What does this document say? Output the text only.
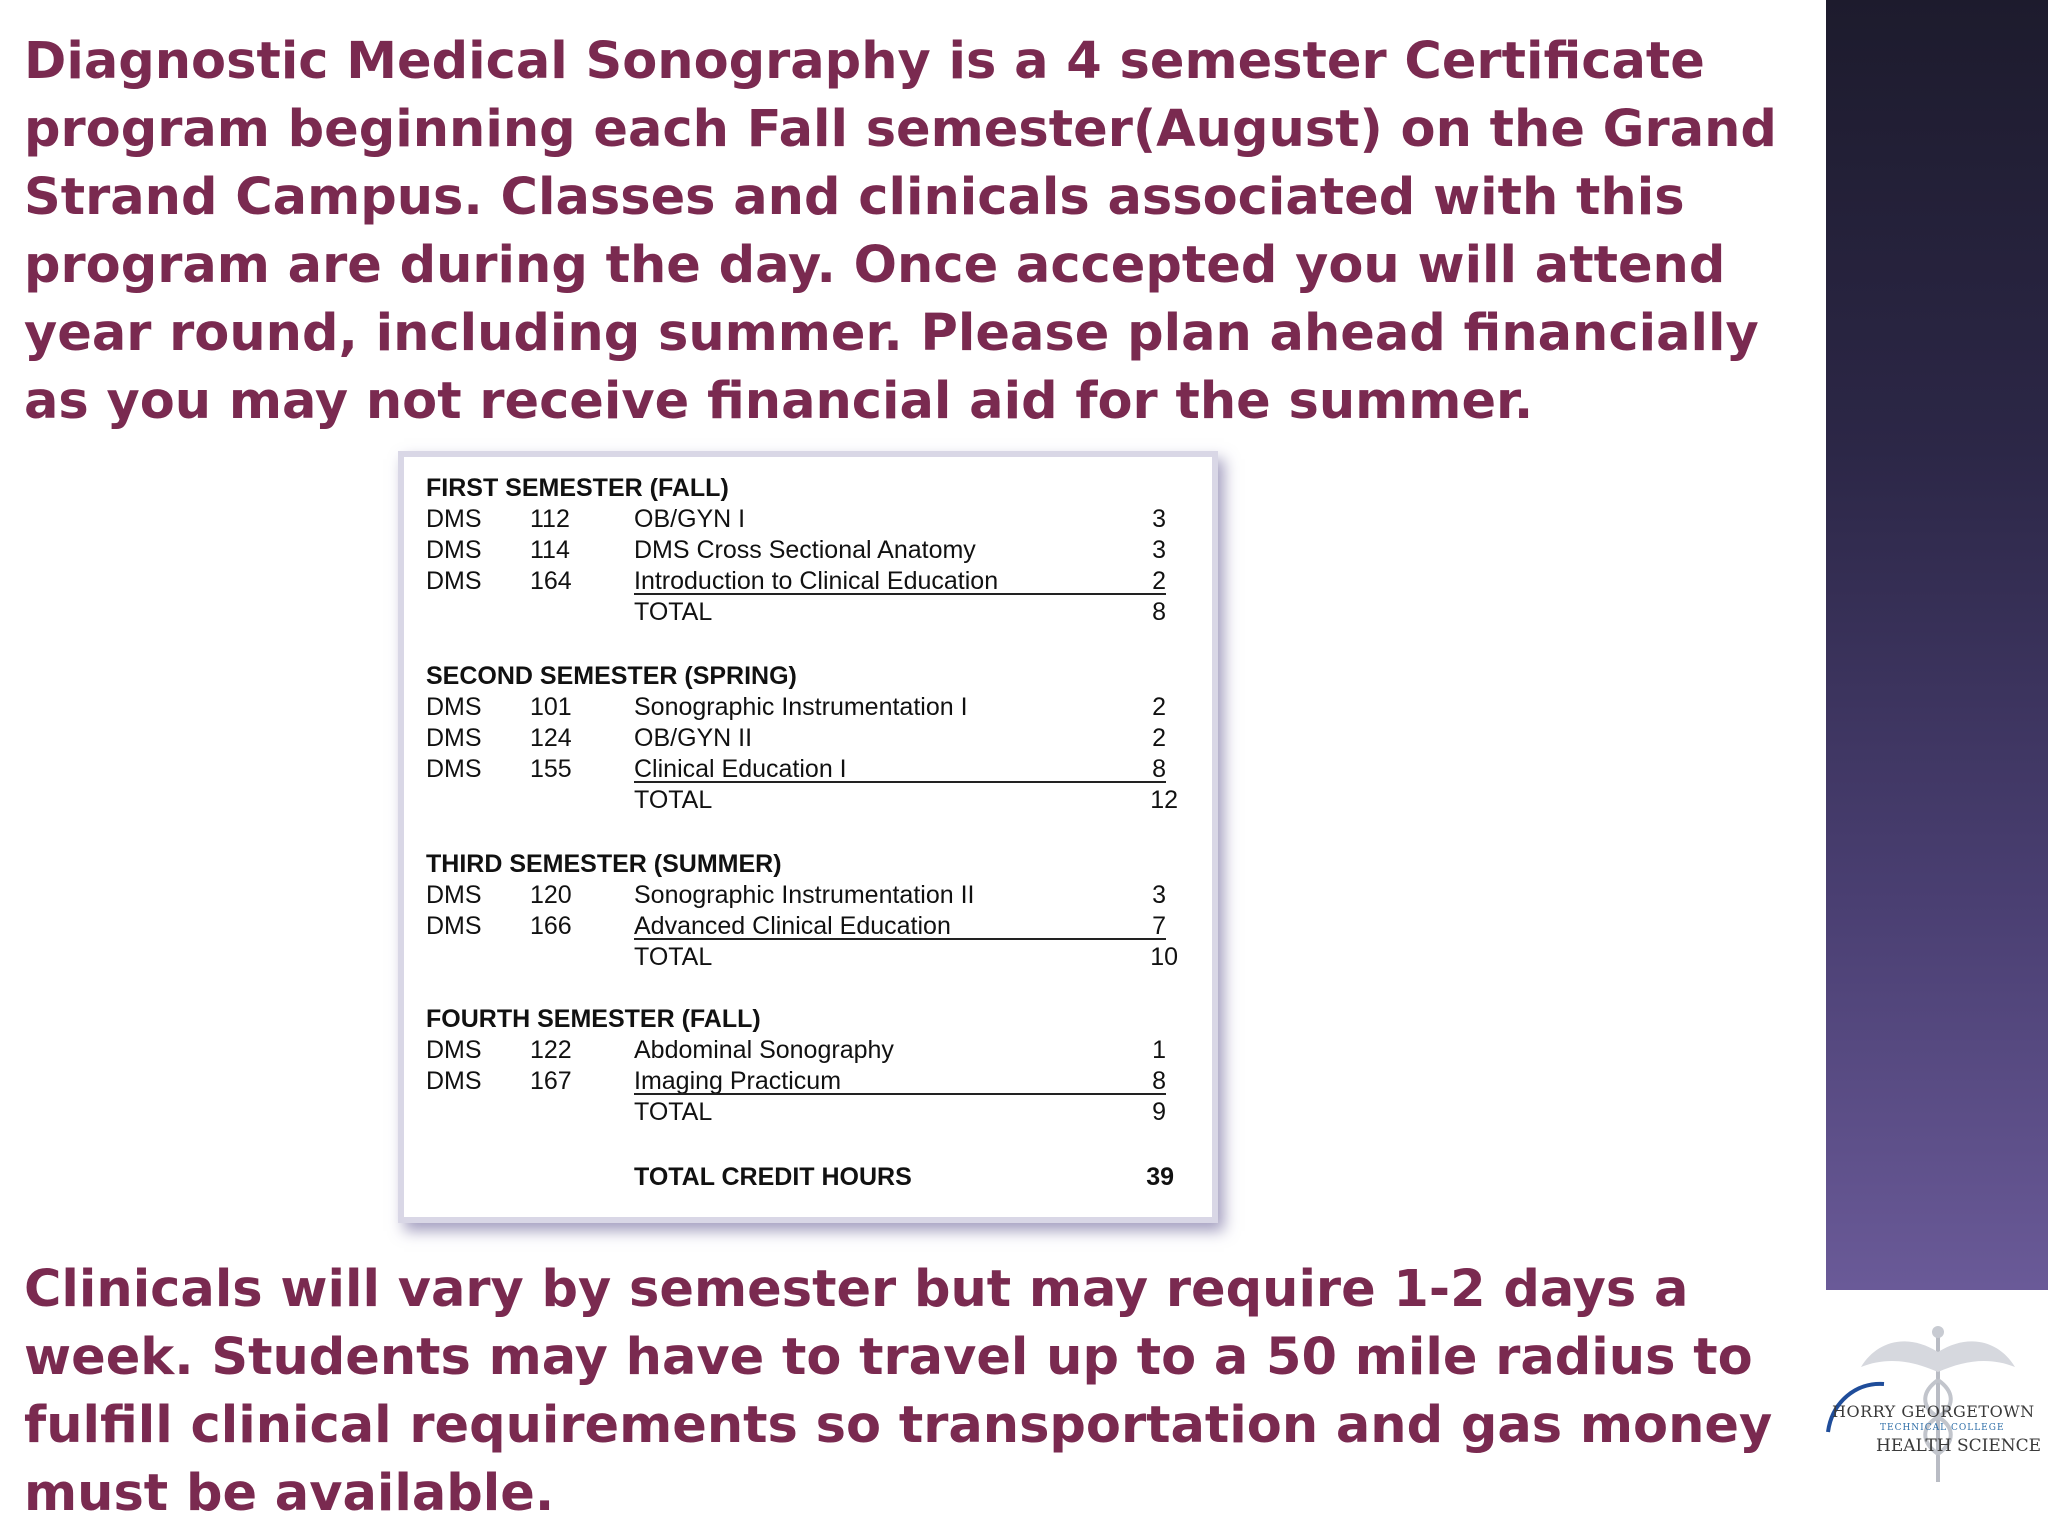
Diagnostic Medical Sonography is a 4 semester Certificate program beginning each Fall semester(August) on the Grand Strand Campus. Classes and clinicals associated with this program are during the day. Once accepted you will attend year round, including summer. Please plan ahead financially as you may not receive financial aid for the summer.

FIRST SEMESTER (FALL)
DMS 112	OB/GYN I	3
DMS 114	DMS Cross Sectional Anatomy	3
DMS 164 Introduction to Clinical Education	2
TOTAL	8
SECOND SEMESTER (SPRING)
DMS 101 Sonographic Instrumentation I	2
DMS 124 OB/GYN II	2
DMS 155 Clinical Education I	8
TOTAL	12
THIRD SEMESTER (SUMMER)
DMS 120 Sonographic Instrumentation II	3
DMS 166 Advanced Clinical Education	7
TOTAL	10
FOURTH SEMESTER (FALL)
DMS 122 Abdominal Sonography	1
DMS 167 Imaging Practicum	8
TOTAL	9
TOTAL CREDIT HOURS	39

Clinicals will vary by semester but may require 1-2 days a week. Students may have to travel up to a 50 mile radius to fulfill clinical requirements so transportation and gas money must be available.

HORRY GEORGETOWN
TECHNICAL COLLEGE
HEALTH SCIENCE
